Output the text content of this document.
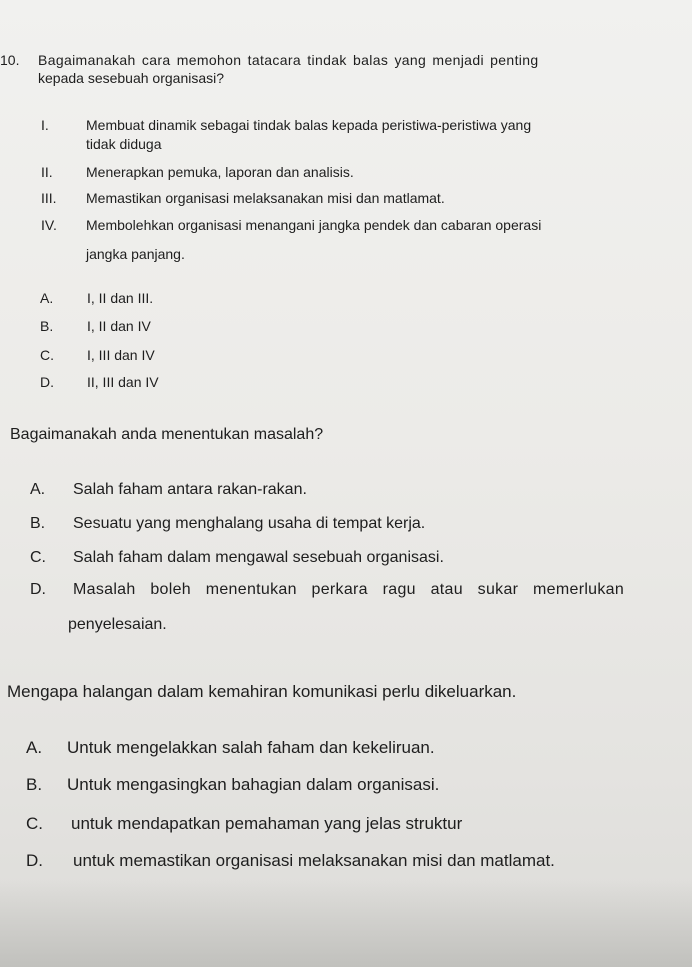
10. Bagaimanakah cara memohon tatacara tindak balas yang menjadi penting
kepada sesebuah organisasi?
I.	Membuat dinamik sebagai tindak balas kepada peristiwa-peristiwa yang
tidak diduga
II. Menerapkan pemuka, laporan dan analisis.
III. Memastikan organisasi melaksanakan misi dan matlamat.
IV. Membolehkan organisasi menangani jangka pendek dan cabaran operasi
jangka panjang.
A. I, II dan III.
B. I, II dan IV
C. I, III dan IV
D. II, III dan IV
Bagaimanakah anda menentukan masalah?
A. Salah faham antara rakan-rakan.
B. Sesuatu yang menghalang usaha di tempat kerja.
C. Salah faham dalam mengawal sesebuah organisasi.
D. Masalah boleh menentukan perkara ragu atau sukar memerlukan
penyelesaian.
Mengapa halangan dalam kemahiran komunikasi perlu dikeluarkan.
A. Untuk mengelakkan salah faham dan kekeliruan.
B. Untuk mengasingkan bahagian dalam organisasi.
C. untuk mendapatkan pemahaman yang jelas struktur
D. untuk memastikan organisasi melaksanakan misi dan matlamat.
